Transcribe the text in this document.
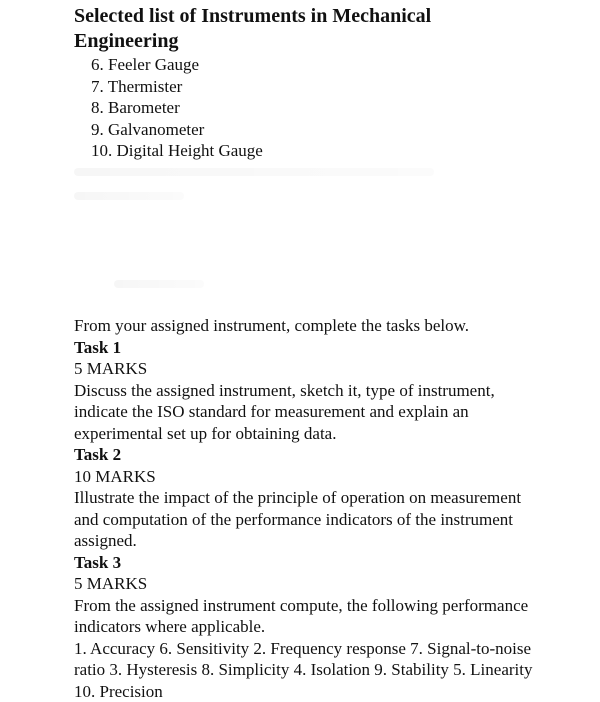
Selected list of Instruments in Mechanical Engineering
6. Feeler Gauge
7. Thermister
8. Barometer
9. Galvanometer
10. Digital Height Gauge

From your assigned instrument, complete the tasks below.

Task 1

5 MARKS

Discuss the assigned instrument, sketch it, type of instrument, indicate the ISO standard for measurement and explain an experimental set up for obtaining data.

Task 2

10 MARKS

Illustrate the impact of the principle of operation on measurement and computation of the performance indicators of the instrument assigned.

Task 3

5 MARKS

From the assigned instrument compute, the following performance indicators where applicable.

1. Accuracy 6. Sensitivity 2. Frequency response 7. Signal-to-noise ratio 3. Hysteresis 8. Simplicity 4. Isolation 9. Stability 5. Linearity 10. Precision
